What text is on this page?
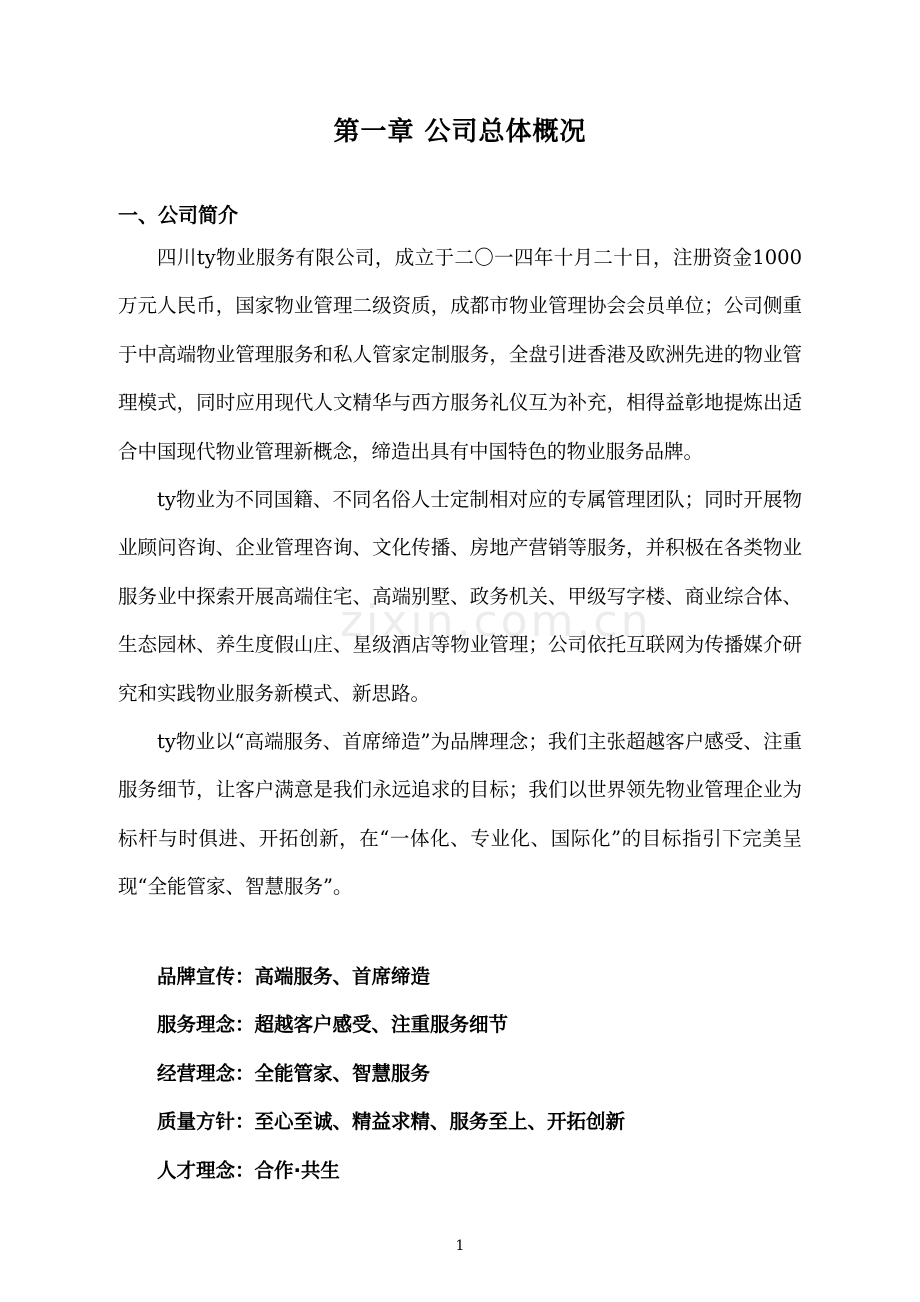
第一章 公司总体概况
一、公司简介

四川ty物业服务有限公司，成立于二〇一四年十月二十日，注册资金1000万元人民币，国家物业管理二级资质，成都市物业管理协会会员单位；公司侧重于中高端物业管理服务和私人管家定制服务，全盘引进香港及欧洲先进的物业管理模式，同时应用现代人文精华与西方服务礼仪互为补充，相得益彰地提炼出适合中国现代物业管理新概念，缔造出具有中国特色的物业服务品牌。

ty物业为不同国籍、不同名俗人士定制相对应的专属管理团队；同时开展物业顾问咨询、企业管理咨询、文化传播、房地产营销等服务，并积极在各类物业服务业中探索开展高端住宅、高端别墅、政务机关、甲级写字楼、商业综合体、生态园林、养生度假山庄、星级酒店等物业管理；公司依托互联网为传播媒介研究和实践物业服务新模式、新思路。

ty物业以“高端服务、首席缔造”为品牌理念；我们主张超越客户感受、注重服务细节，让客户满意是我们永远追求的目标；我们以世界领先物业管理企业为标杆与时俱进、开拓创新，在“一体化、专业化、国际化”的目标指引下完美呈现“全能管家、智慧服务”。

品牌宣传：高端服务、首席缔造
服务理念：超越客户感受、注重服务细节
经营理念：全能管家、智慧服务
质量方针：至心至诚、精益求精、服务至上、开拓创新
人才理念：合作·共生
zixin.com.cn
1
